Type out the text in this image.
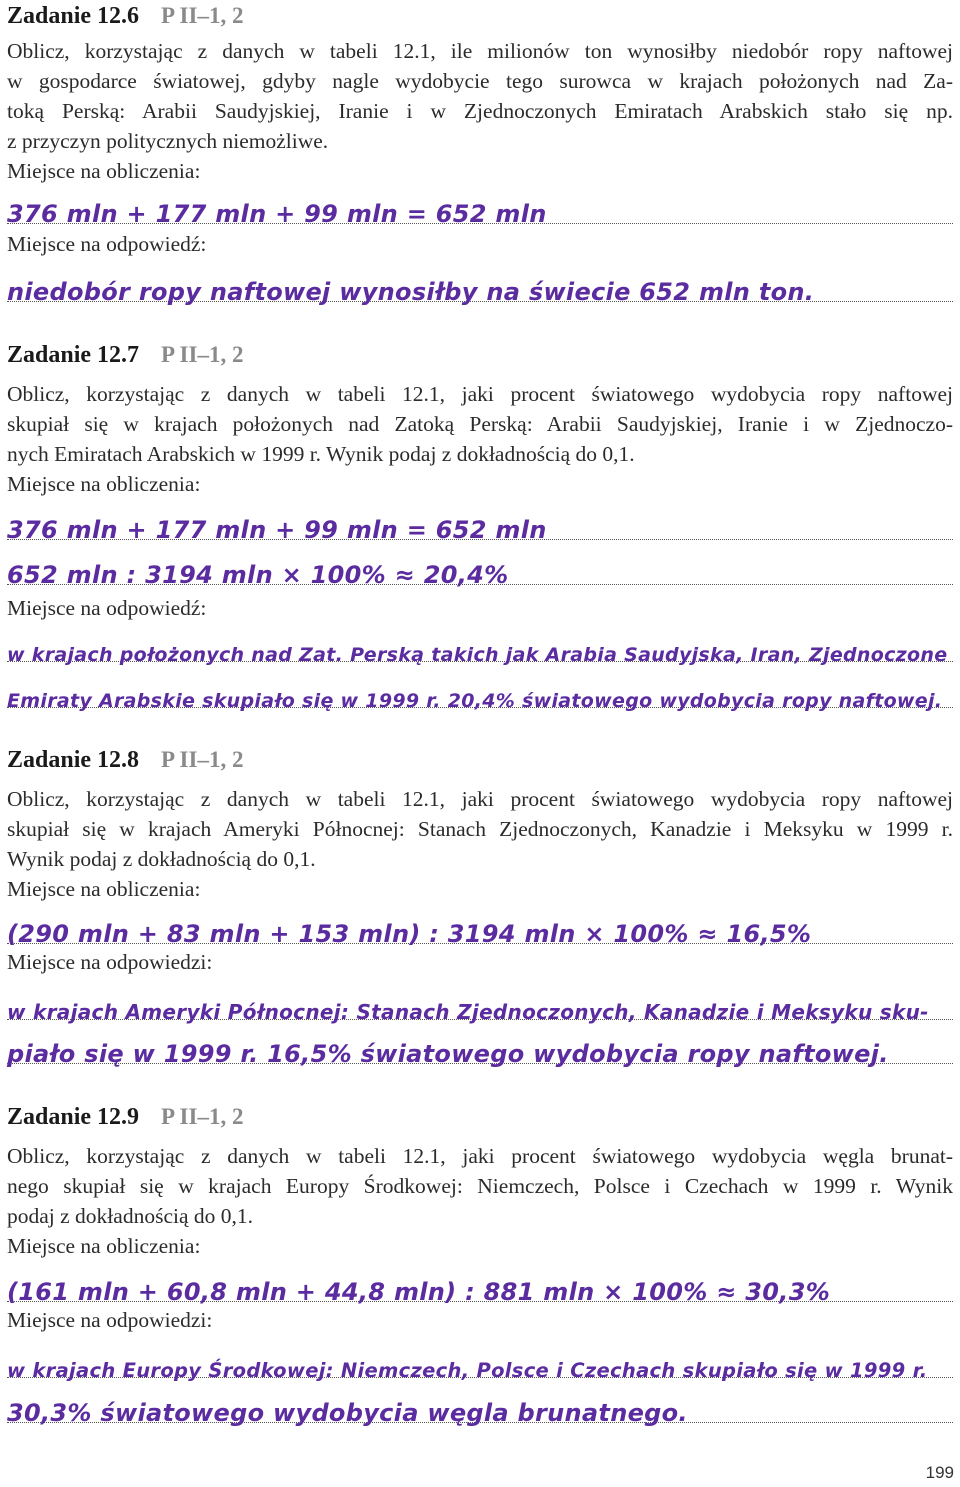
Zadanie 12.6 P II–1, 2
Oblicz, korzystając z danych w tabeli 12.1, ile milionów ton wynosiłby niedobór ropy naftowej
w gospodarce światowej, gdyby nagle wydobycie tego surowca w krajach położonych nad Za-
toką Perską: Arabii Saudyjskiej, Iranie i w Zjednoczonych Emiratach Arabskich stało się np.
z przyczyn politycznych niemożliwe.
Miejsce na obliczenia:
376 mln + 177 mln + 99 mln = 652 mln
Miejsce na odpowiedź:
niedobór ropy naftowej wynosiłby na świecie 652 mln ton.
Zadanie 12.7 P II–1, 2
Oblicz, korzystając z danych w tabeli 12.1, jaki procent światowego wydobycia ropy naftowej
skupiał się w krajach położonych nad Zatoką Perską: Arabii Saudyjskiej, Iranie i w Zjednoczo-
nych Emiratach Arabskich w 1999 r. Wynik podaj z dokładnością do 0,1.
Miejsce na obliczenia:
376 mln + 177 mln + 99 mln = 652 mln
652 mln : 3194 mln × 100% ≈ 20,4%
Miejsce na odpowiedź:
w krajach położonych nad Zat. Perską takich jak Arabia Saudyjska, Iran, Zjednoczone
Emiraty Arabskie skupiało się w 1999 r. 20,4% światowego wydobycia ropy naftowej.
Zadanie 12.8 P II–1, 2
Oblicz, korzystając z danych w tabeli 12.1, jaki procent światowego wydobycia ropy naftowej
skupiał się w krajach Ameryki Północnej: Stanach Zjednoczonych, Kanadzie i Meksyku w 1999 r.
Wynik podaj z dokładnością do 0,1.
Miejsce na obliczenia:
(290 mln + 83 mln + 153 mln) : 3194 mln × 100% ≈ 16,5%
Miejsce na odpowiedzi:
w krajach Ameryki Północnej: Stanach Zjednoczonych, Kanadzie i Meksyku sku-
piało się w 1999 r. 16,5% światowego wydobycia ropy naftowej.
Zadanie 12.9 P II–1, 2
Oblicz, korzystając z danych w tabeli 12.1, jaki procent światowego wydobycia węgla brunat-
nego skupiał się w krajach Europy Środkowej: Niemczech, Polsce i Czechach w 1999 r. Wynik
podaj z dokładnością do 0,1.
Miejsce na obliczenia:
(161 mln + 60,8 mln + 44,8 mln) : 881 mln × 100% ≈ 30,3%
Miejsce na odpowiedzi:
w krajach Europy Środkowej: Niemczech, Polsce i Czechach skupiało się w 1999 r.
30,3% światowego wydobycia węgla brunatnego.
199
